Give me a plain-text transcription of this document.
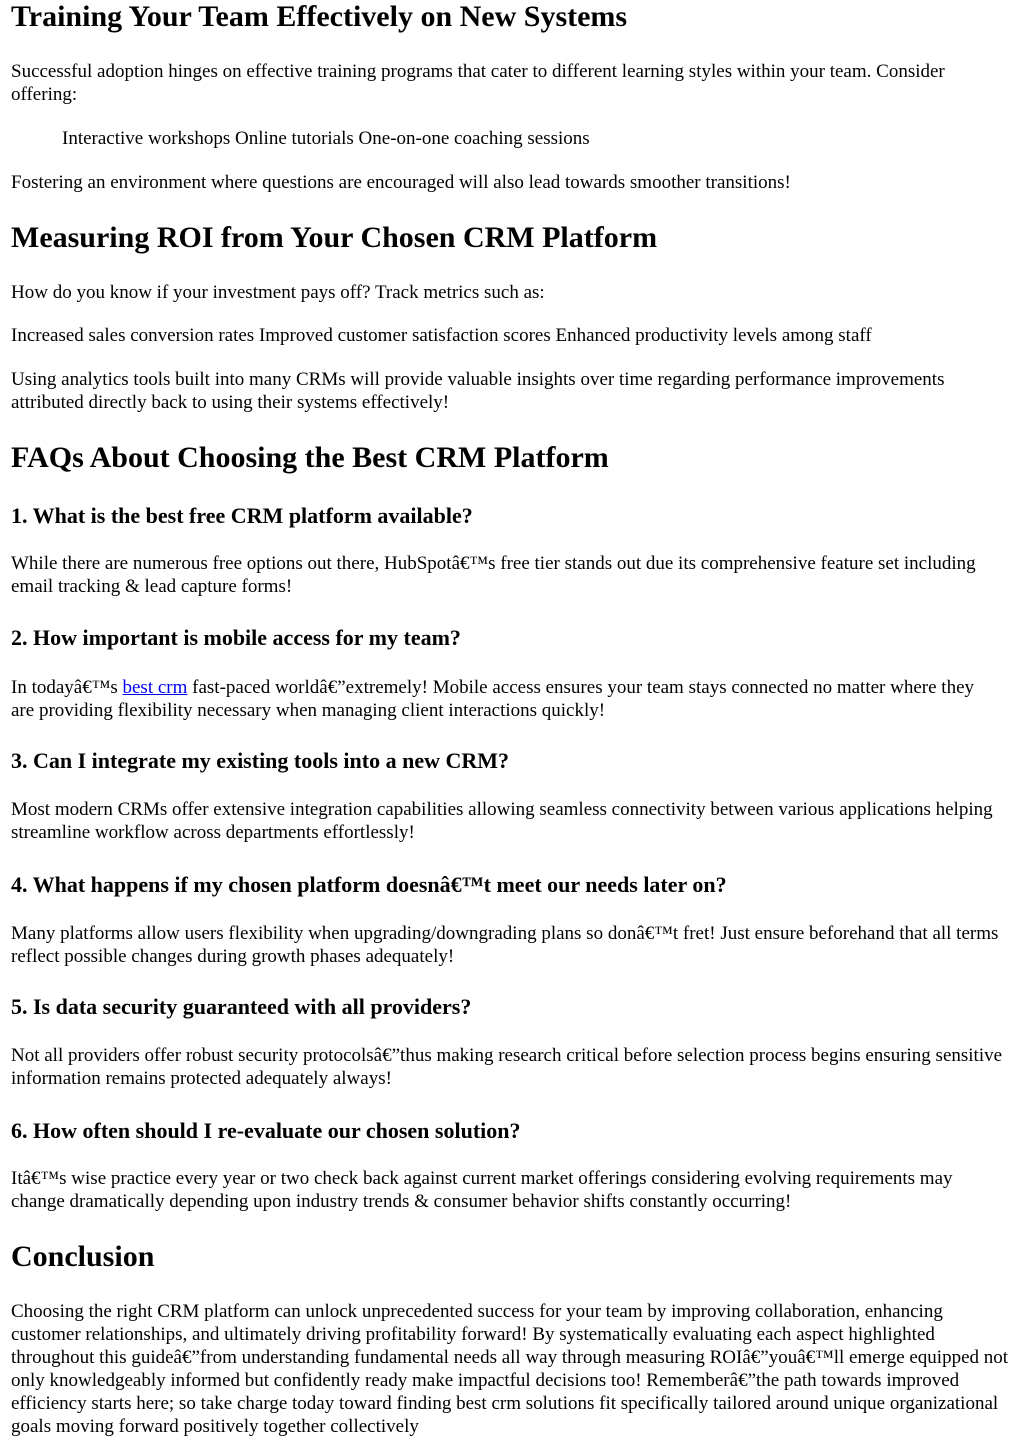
Training Your Team Effectively on New Systems

Successful adoption hinges on effective training programs that cater to different learning styles within your team. Consider offering:

Interactive workshops Online tutorials One-on-one coaching sessions

Fostering an environment where questions are encouraged will also lead towards smoother transitions!

Measuring ROI from Your Chosen CRM Platform

How do you know if your investment pays off? Track metrics such as:

Increased sales conversion rates Improved customer satisfaction scores Enhanced productivity levels among staff

Using analytics tools built into many CRMs will provide valuable insights over time regarding performance improvements attributed directly back to using their systems effectively!

FAQs About Choosing the Best CRM Platform
1. What is the best free CRM platform available?

While there are numerous free options out there, HubSpotâ€™s free tier stands out due its comprehensive feature set including email tracking & lead capture forms!

2. How important is mobile access for my team?

In todayâ€™s best crm fast-paced worldâ€”extremely! Mobile access ensures your team stays connected no matter where they are providing flexibility necessary when managing client interactions quickly!

3. Can I integrate my existing tools into a new CRM?

Most modern CRMs offer extensive integration capabilities allowing seamless connectivity between various applications helping streamline workflow across departments effortlessly!

4. What happens if my chosen platform doesnâ€™t meet our needs later on?

Many platforms allow users flexibility when upgrading/downgrading plans so donâ€™t fret! Just ensure beforehand that all terms reflect possible changes during growth phases adequately!

5. Is data security guaranteed with all providers?

Not all providers offer robust security protocolsâ€”thus making research critical before selection process begins ensuring sensitive information remains protected adequately always!

6. How often should I re-evaluate our chosen solution?

Itâ€™s wise practice every year or two check back against current market offerings considering evolving requirements may change dramatically depending upon industry trends & consumer behavior shifts constantly occurring!

Conclusion

Choosing the right CRM platform can unlock unprecedented success for your team by improving collaboration, enhancing customer relationships, and ultimately driving profitability forward! By systematically evaluating each aspect highlighted throughout this guideâ€”from understanding fundamental needs all way through measuring ROIâ€”youâ€™ll emerge equipped not only knowledgeably informed but confidently ready make impactful decisions too! Rememberâ€”the path towards improved efficiency starts here; so take charge today toward finding best crm solutions fit specifically tailored around unique organizational goals moving forward positively together collectively
